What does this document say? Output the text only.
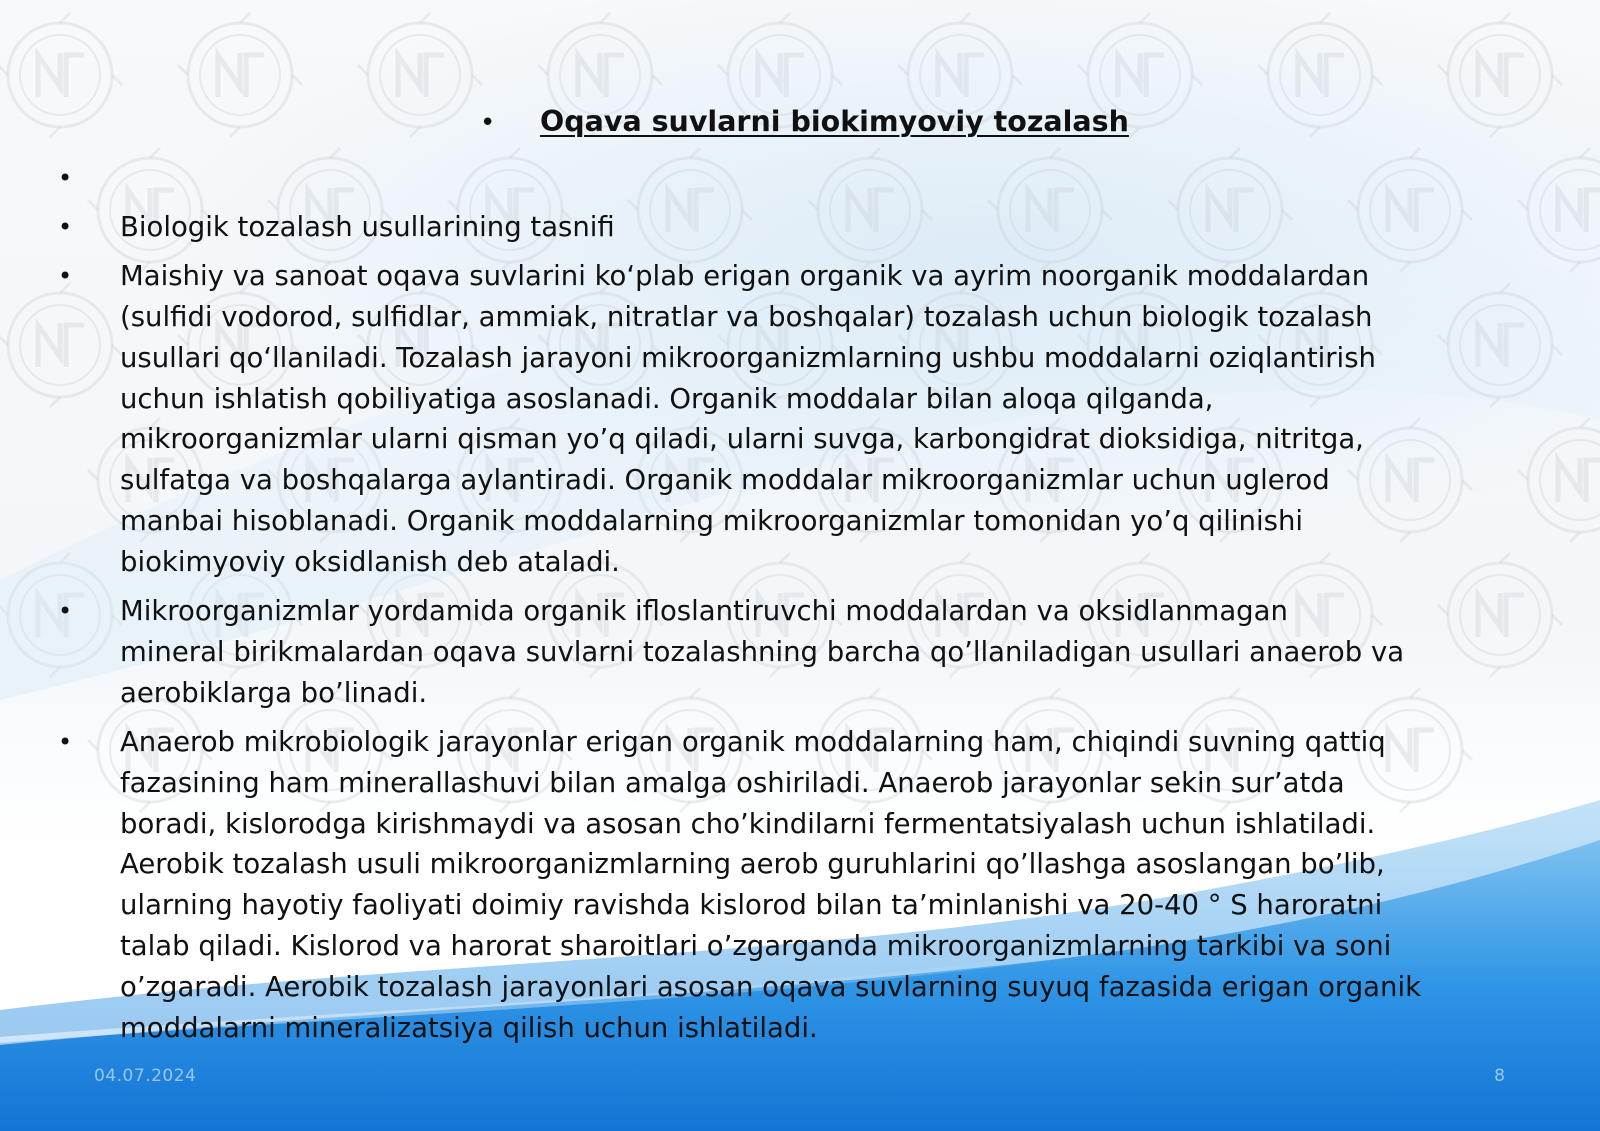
•	Oqava suvlarni biokimyoviy tozalash
•
• Biologik tozalash usullarining tasnifi
• Maishiy va sanoat oqava suvlarini ko‘plab erigan organik va ayrim noorganik moddalardan
(sulfidi vodorod, sulfidlar, ammiak, nitratlar va boshqalar) tozalash uchun biologik tozalash
usullari qo‘llaniladi. Tozalash jarayoni mikroorganizmlarning ushbu moddalarni oziqlantirish
uchun ishlatish qobiliyatiga asoslanadi. Organik moddalar bilan aloqa qilganda,
mikroorganizmlar ularni qisman yo’q qiladi, ularni suvga, karbongidrat dioksidiga, nitritga,
sulfatga va boshqalarga aylantiradi. Organik moddalar mikroorganizmlar uchun uglerod
manbai hisoblanadi. Organik moddalarning mikroorganizmlar tomonidan yo’q qilinishi
biokimyoviy oksidlanish deb ataladi.
• Mikroorganizmlar yordamida organik ifloslantiruvchi moddalardan va oksidlanmagan
mineral birikmalardan oqava suvlarni tozalashning barcha qo’llaniladigan usullari anaerob va
aerobiklarga bo’linadi.
• Anaerob mikrobiologik jarayonlar erigan organik moddalarning ham, chiqindi suvning qattiq
fazasining ham minerallashuvi bilan amalga oshiriladi. Anaerob jarayonlar sekin sur’atda
boradi, kislorodga kirishmaydi va asosan cho’kindilarni fermentatsiyalash uchun ishlatiladi.
Aerobik tozalash usuli mikroorganizmlarning aerob guruhlarini qo’llashga asoslangan bo’lib,
ularning hayotiy faoliyati doimiy ravishda kislorod bilan ta’minlanishi va 20-40 ° S haroratni
talab qiladi. Kislorod va harorat sharoitlari o’zgarganda mikroorganizmlarning tarkibi va soni
o’zgaradi. Aerobik tozalash jarayonlari asosan oqava suvlarning suyuq fazasida erigan organik
moddalarni mineralizatsiya qilish uchun ishlatiladi.
04.07.2024	8
